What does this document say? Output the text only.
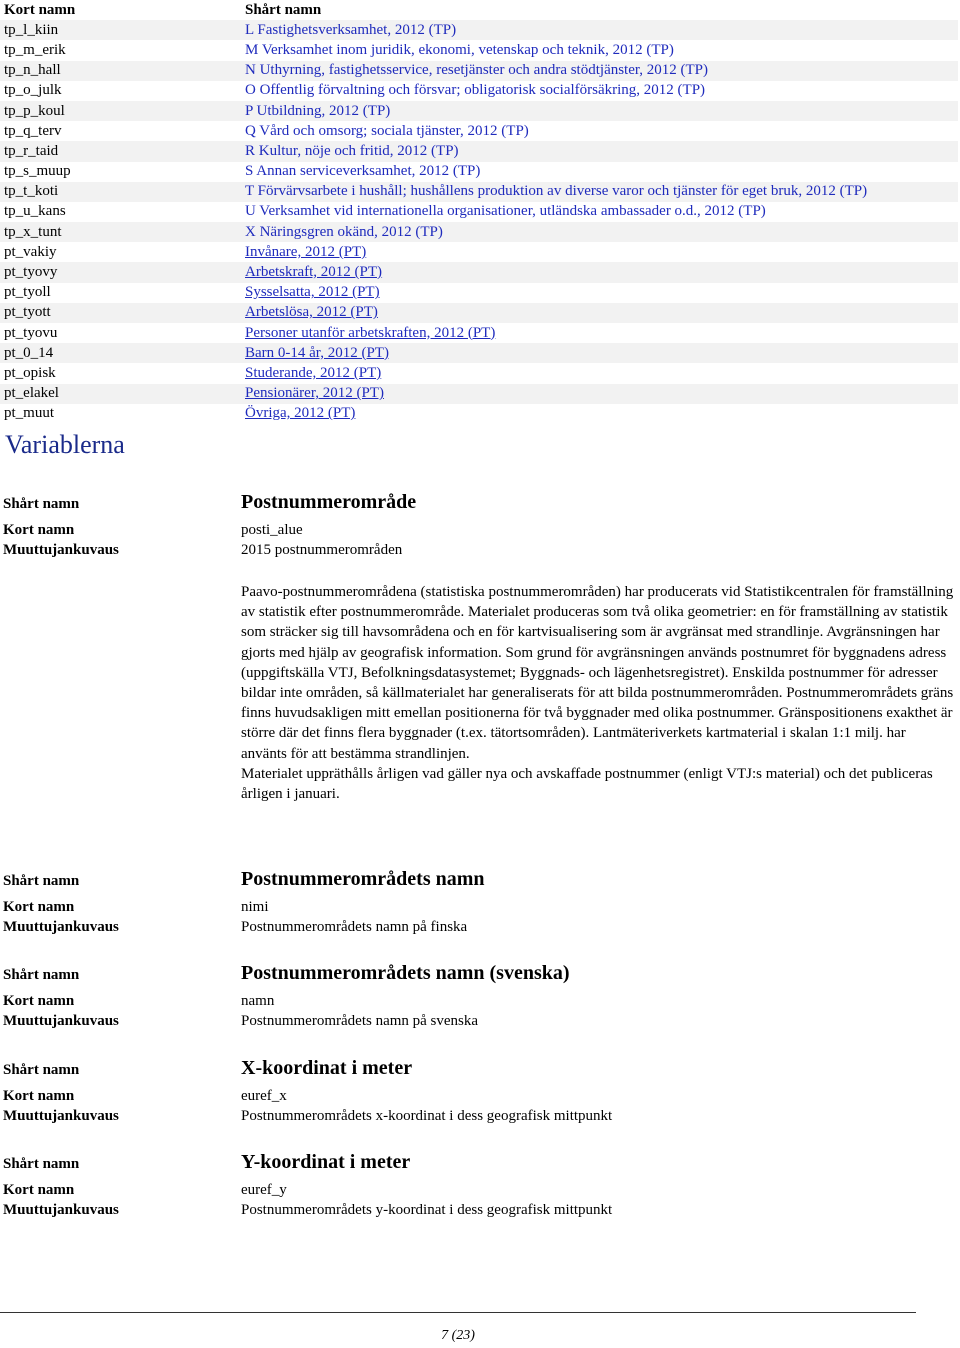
Kort namn	Shårt namn
tp_l_kiin	L Fastighetsverksamhet, 2012 (TP)
tp_m_erik	M Verksamhet inom juridik, ekonomi, vetenskap och teknik, 2012 (TP)
tp_n_hall	N Uthyrning, fastighetsservice, resetjänster och andra stödtjänster, 2012 (TP)
tp_o_julk	O Offentlig förvaltning och försvar; obligatorisk socialförsäkring, 2012 (TP)
tp_p_koul	P Utbildning, 2012 (TP)
tp_q_terv	Q Vård och omsorg; sociala tjänster, 2012 (TP)
tp_r_taid	R Kultur, nöje och fritid, 2012 (TP)
tp_s_muup	S Annan serviceverksamhet, 2012 (TP)
tp_t_koti	T Förvärvsarbete i hushåll; hushållens produktion av diverse varor och tjänster för eget bruk, 2012 (TP)
tp_u_kans	U Verksamhet vid internationella organisationer, utländska ambassader o.d., 2012 (TP)
tp_x_tunt	X Näringsgren okänd, 2012 (TP)
pt_vakiy	Invånare, 2012 (PT)
pt_tyovy	Arbetskraft, 2012 (PT)
pt_tyoll	Sysselsatta, 2012 (PT)
pt_tyott	Arbetslösa, 2012 (PT)
pt_tyovu	Personer utanför arbetskraften, 2012 (PT)
pt_0_14	Barn 0-14 år, 2012 (PT)
pt_opisk	Studerande, 2012 (PT)
pt_elakel	Pensionärer, 2012 (PT)
pt_muut	Övriga, 2012 (PT)
Variablerna
Shårt namn	Postnummerområde
Kort namn	posti_alue
Muuttujankuvaus	2015 postnummerområden

Paavo-postnummerområdena (statistiska postnummerområden) har producerats vid Statistikcentralen för framställning av statistik efter postnummerområde. Materialet produceras som två olika geometrier: en för framställning av statistik som sträcker sig till havsområdena och en för kartvisualisering som är avgränsat med strandlinje. Avgränsningen har gjorts med hjälp av geografisk information. Som grund för avgränsningen används postnumret för byggnadens adress (uppgiftskälla VTJ, Befolkningsdatasystemet; Byggnads- och lägenhetsregistret). Enskilda postnummer för adresser bildar inte områden, så källmaterialet har generaliserats för att bilda postnummerområden. Postnummerområdets gräns finns huvudsakligen mitt emellan positionerna för två byggnader med olika postnummer. Gränspositionens exakthet är större där det finns flera byggnader (t.ex. tätortsområden). Lantmäteriverkets kartmaterial i skalan 1:1 milj. har använts för att bestämma strandlinjen.

Materialet uppräthålls årligen vad gäller nya och avskaffade postnummer (enligt VTJ:s material) och det publiceras årligen i januari.

Shårt namn	Postnummerområdets namn
Kort namn	nimi
Muuttujankuvaus	Postnummerområdets namn på finska
Shårt namn	Postnummerområdets namn (svenska)
Kort namn	namn
Muuttujankuvaus	Postnummerområdets namn på svenska
Shårt namn	X-koordinat i meter
Kort namn	euref_x
Muuttujankuvaus	Postnummerområdets x-koordinat i dess geografisk mittpunkt
Shårt namn	Y-koordinat i meter
Kort namn	euref_y
Muuttujankuvaus	Postnummerområdets y-koordinat i dess geografisk mittpunkt
7 (23)
